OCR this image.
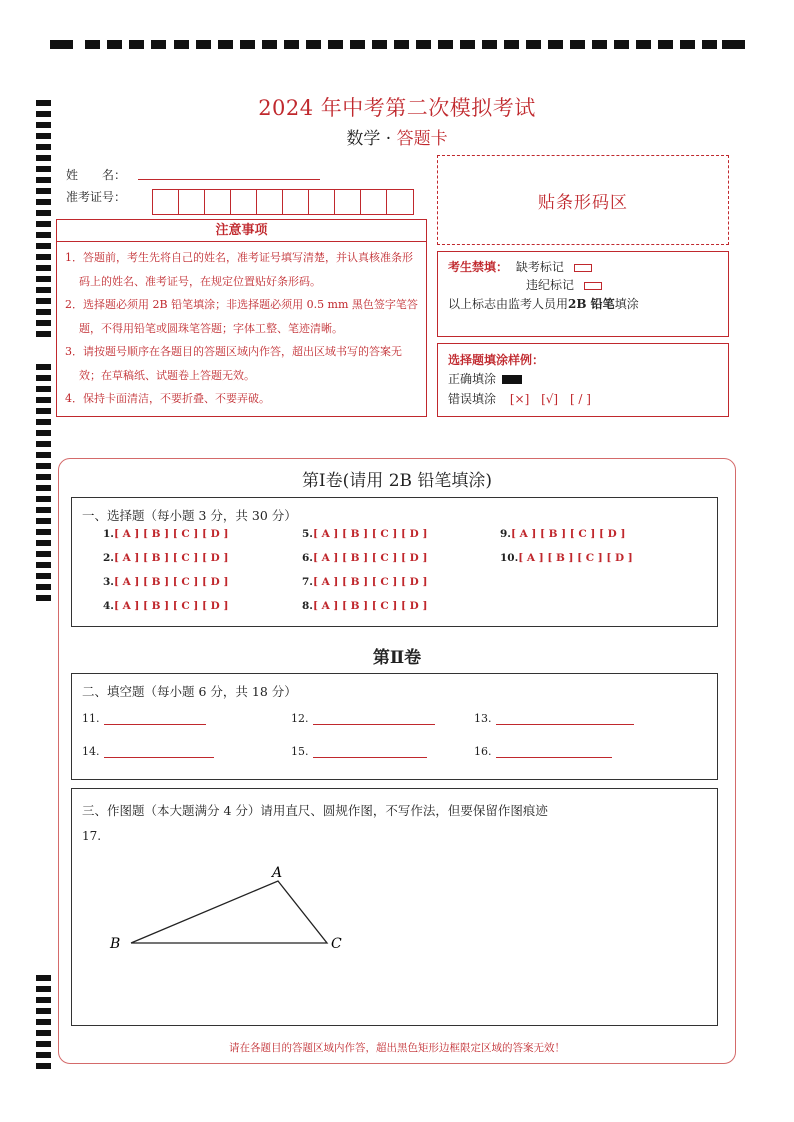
2024 年中考第二次模拟考试
数学 · 答题卡
姓　　名：
准考证号：	贴条形码区
注意事项
1．答题前，考生先将自己的姓名，准考证号填写清楚，并认真核准条形码上的姓名、准考证号，在规定位置贴好条形码。
2．选择题必须用 2B 铅笔填涂；非选择题必须用 0.5 mm 黑色签字笔答题，不得用铅笔或圆珠笔答题；字体工整、笔迹清晰。
3．请按题号顺序在各题目的答题区域内作答，超出区域书写的答案无效；在草稿纸、试题卷上答题无效。
4．保持卡面清洁，不要折叠、不要弄破。
考生禁填： 缺考标记
违纪标记
以上标志由监考人员用2B 铅笔填涂
选择题填涂样例：
正确填涂
错误填涂 [×] [√] [ / ]
第Ⅰ卷(请用 2B 铅笔填涂)
一、选择题（每小题 3 分，共 30 分）
1.[ A ] [ B ] [ C ] [ D ]
2.[ A ] [ B ] [ C ] [ D ]
3.[ A ] [ B ] [ C ] [ D ]
4.[ A ] [ B ] [ C ] [ D ]
5.[ A ] [ B ] [ C ] [ D ]
6.[ A ] [ B ] [ C ] [ D ]
7.[ A ] [ B ] [ C ] [ D ]
8.[ A ] [ B ] [ C ] [ D ]
9.[ A ] [ B ] [ C ] [ D ]
10.[ A ] [ B ] [ C ] [ D ]
第Ⅱ卷
二、填空题（每小题 6 分，共 18 分）
11.	12.	13.
14.	15.	16.
三、作图题（本大题满分 4 分）请用直尺、圆规作图，不写作法，但要保留作图痕迹
17.
A
B	C
请在各题目的答题区域内作答，超出黑色矩形边框限定区域的答案无效！
